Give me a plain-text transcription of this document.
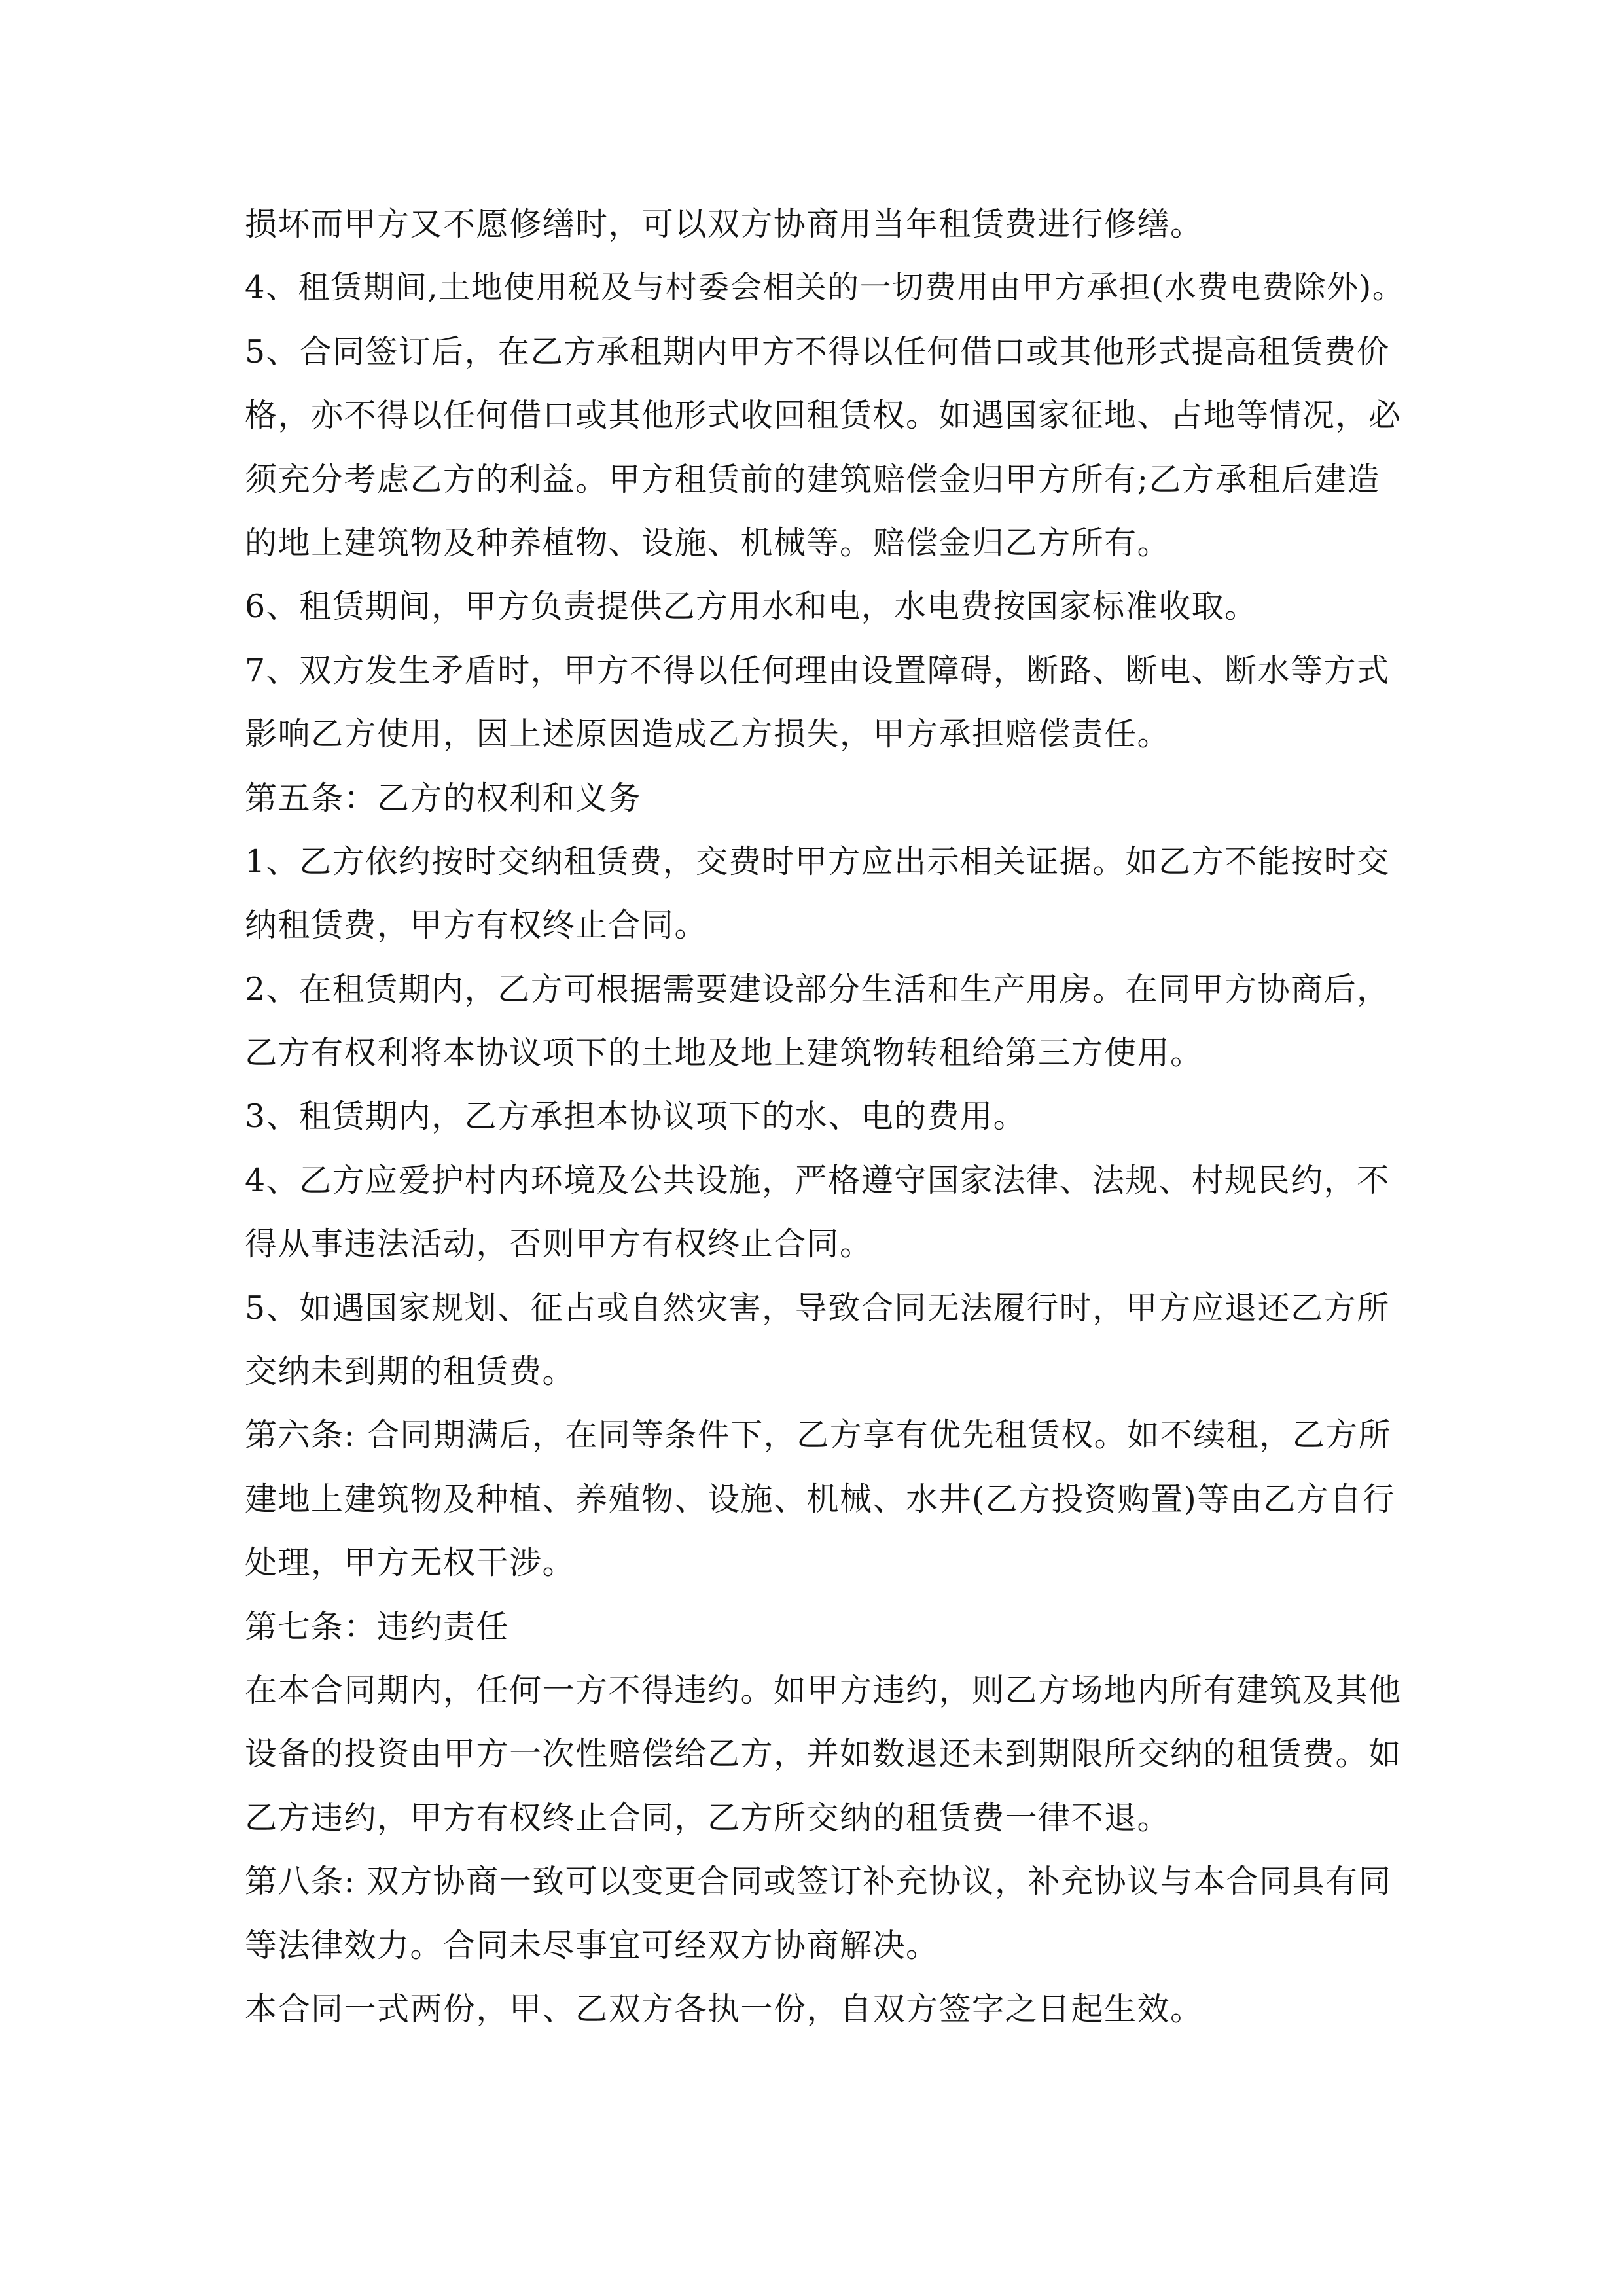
损坏而甲方又不愿修缮时，可以双方协商用当年租赁费进行修缮。
4、租赁期间,土地使用税及与村委会相关的一切费用由甲方承担(水费电费除外)。
5、合同签订后，在乙方承租期内甲方不得以任何借口或其他形式提高租赁费价
格，亦不得以任何借口或其他形式收回租赁权。如遇国家征地、占地等情况，必
须充分考虑乙方的利益。甲方租赁前的建筑赔偿金归甲方所有;乙方承租后建造
的地上建筑物及种养植物、设施、机械等。赔偿金归乙方所有。
6、租赁期间，甲方负责提供乙方用水和电，水电费按国家标准收取。
7、双方发生矛盾时，甲方不得以任何理由设置障碍，断路、断电、断水等方式
影响乙方使用，因上述原因造成乙方损失，甲方承担赔偿责任。
第五条：乙方的权利和义务
1、乙方依约按时交纳租赁费，交费时甲方应出示相关证据。如乙方不能按时交
纳租赁费，甲方有权终止合同。
2、在租赁期内，乙方可根据需要建设部分生活和生产用房。在同甲方协商后，
乙方有权利将本协议项下的土地及地上建筑物转租给第三方使用。
3、租赁期内，乙方承担本协议项下的水、电的费用。
4、乙方应爱护村内环境及公共设施，严格遵守国家法律、法规、村规民约，不
得从事违法活动，否则甲方有权终止合同。
5、如遇国家规划、征占或自然灾害，导致合同无法履行时，甲方应退还乙方所
交纳未到期的租赁费。
第六条: 合同期满后，在同等条件下，乙方享有优先租赁权。如不续租，乙方所
建地上建筑物及种植、养殖物、设施、机械、水井(乙方投资购置)等由乙方自行
处理，甲方无权干涉。
第七条：违约责任
在本合同期内，任何一方不得违约。如甲方违约，则乙方场地内所有建筑及其他
设备的投资由甲方一次性赔偿给乙方，并如数退还未到期限所交纳的租赁费。如
乙方违约，甲方有权终止合同，乙方所交纳的租赁费一律不退。
第八条: 双方协商一致可以变更合同或签订补充协议，补充协议与本合同具有同
等法律效力。合同未尽事宜可经双方协商解决。
本合同一式两份，甲、乙双方各执一份，自双方签字之日起生效。
